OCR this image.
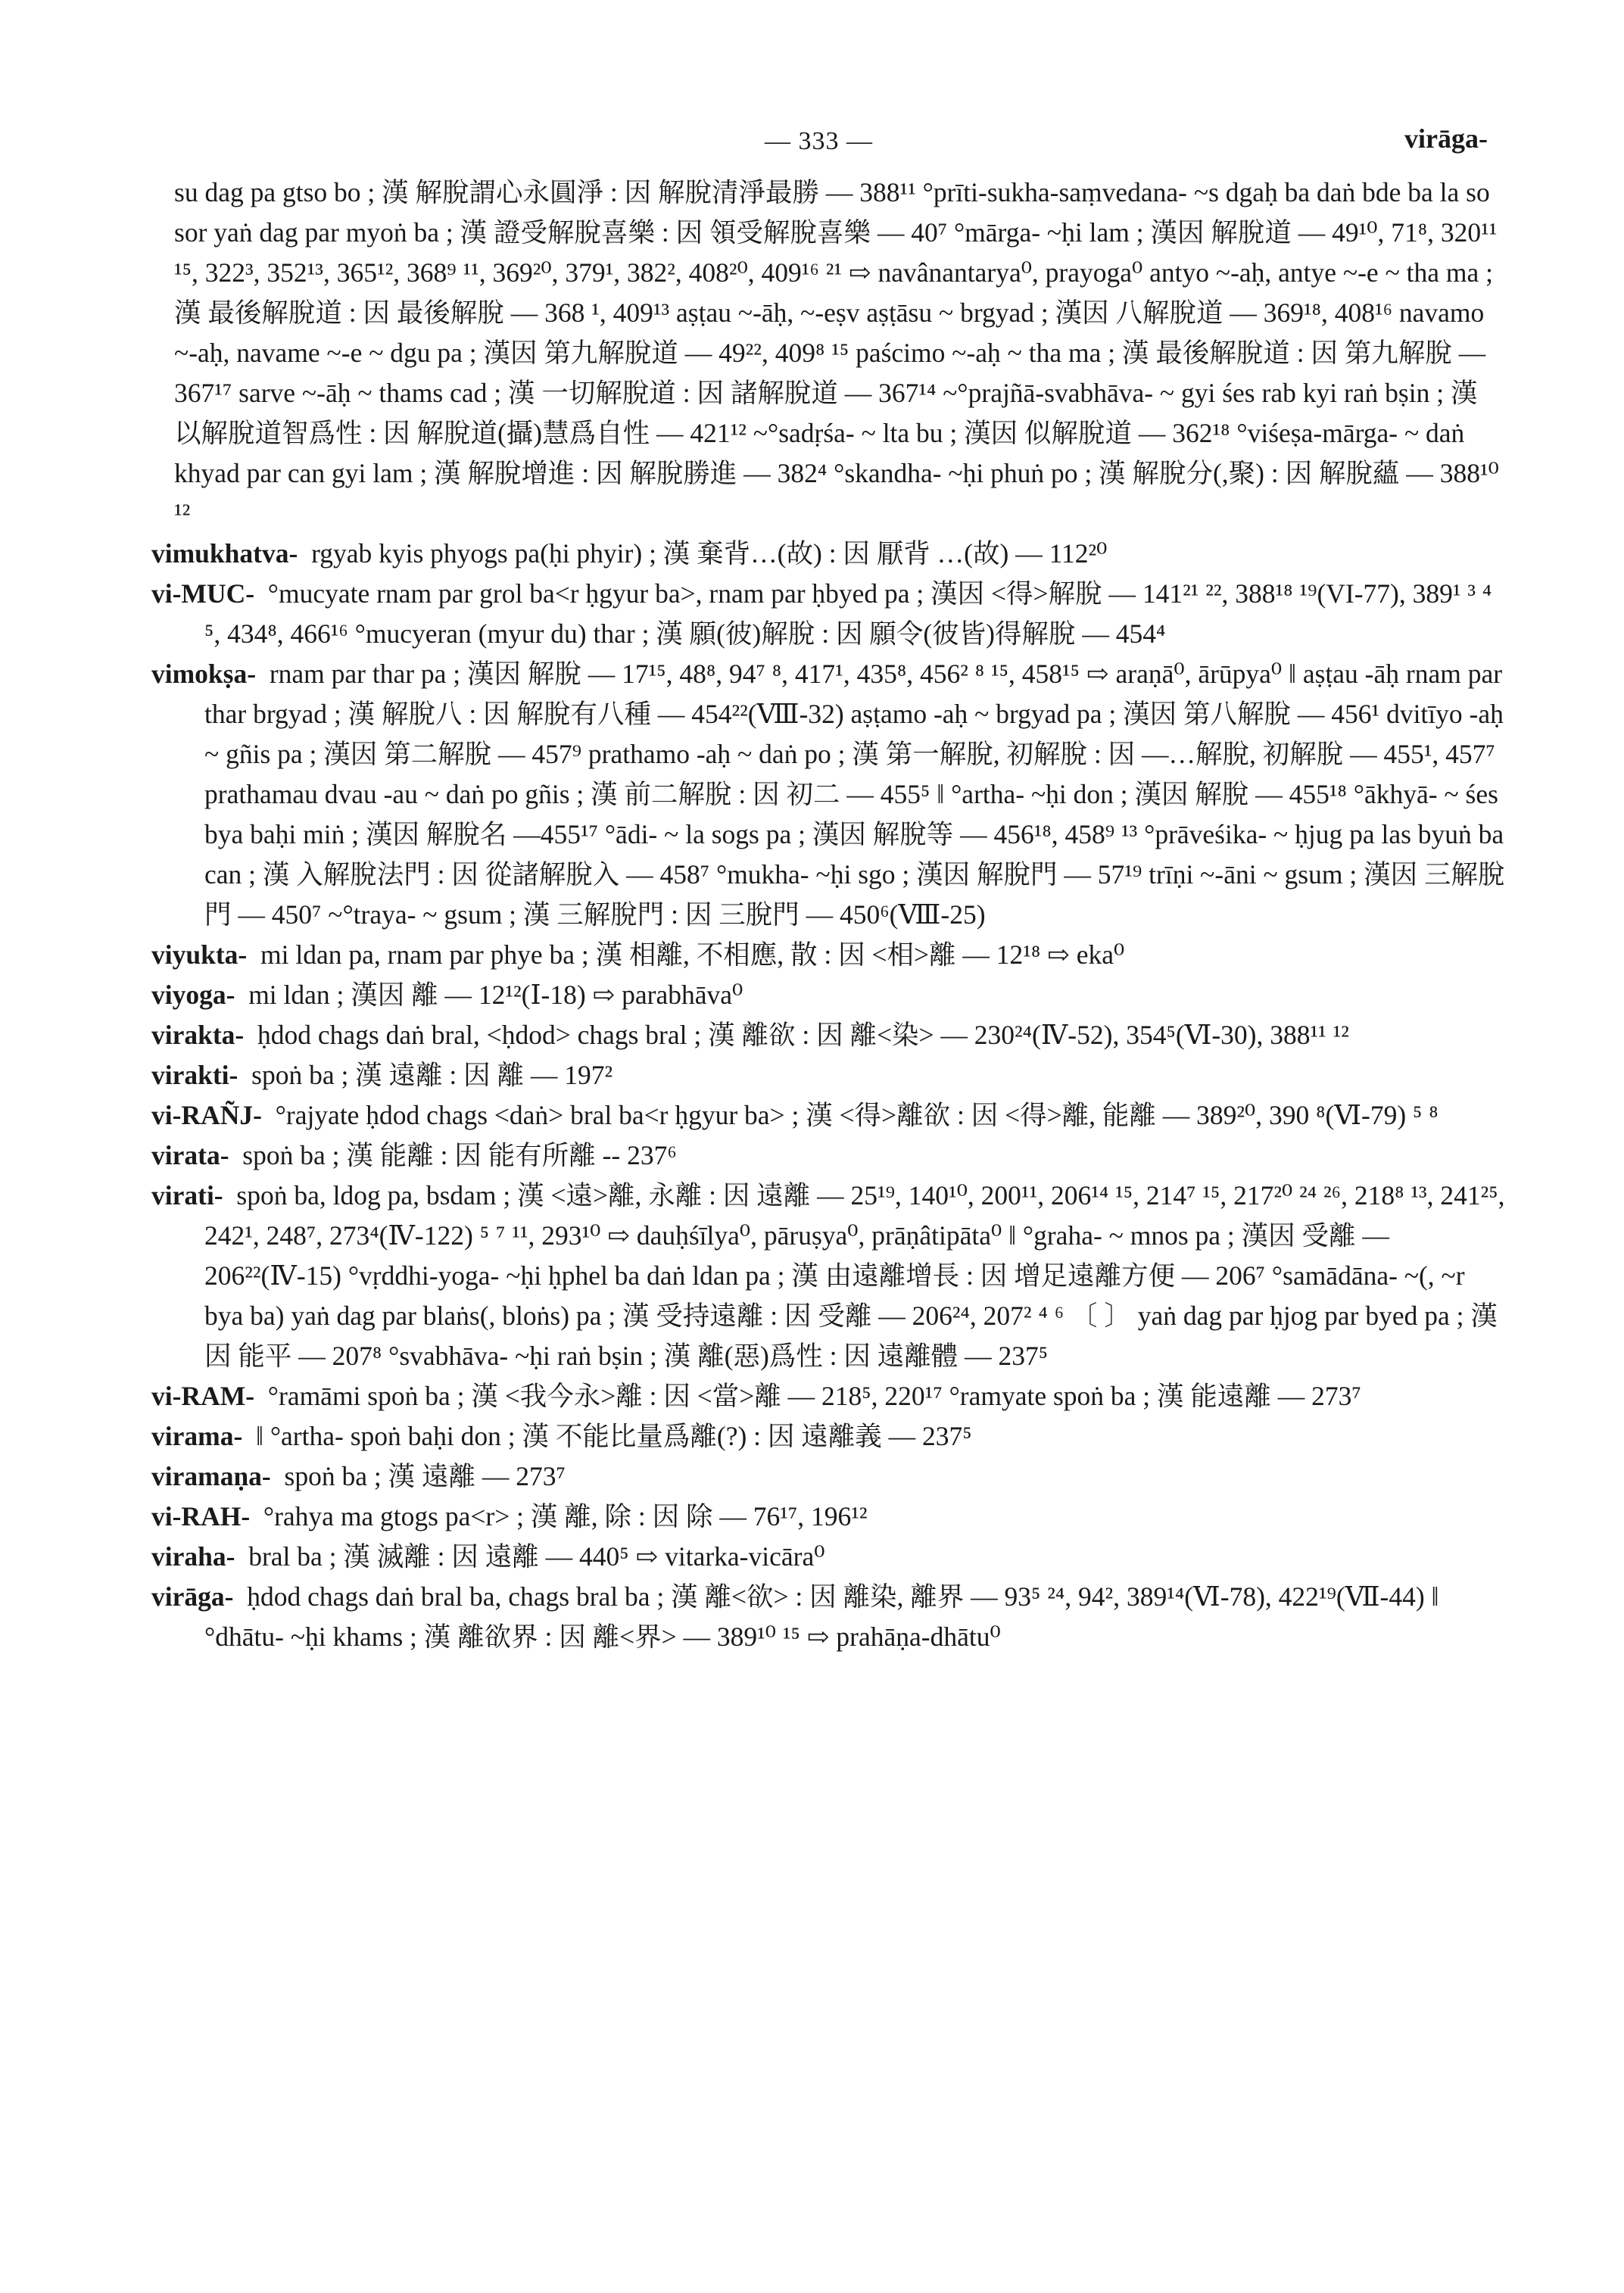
— 333 —	virāga-

su dag pa gtso bo ; 漢 解脫謂心永圓淨 : 因 解脫清淨最勝 — 388¹¹ °prīti-sukha-saṃvedana- ~s dgaḥ ba daṅ bde ba la so sor yaṅ dag par myoṅ ba ; 漢 證受解脫喜樂 : 因 領受解脫喜樂 — 40⁷ °mārga- ~ḥi lam ; 漢因 解脫道 — 49¹⁰, 71⁸, 320¹¹ ¹⁵, 322³, 352¹³, 365¹², 368⁹ ¹¹, 369²⁰, 379¹, 382², 408²⁰, 409¹⁶ ²¹ ⇨ navânantarya⁰, prayoga⁰ antyo ~-aḥ, antye ~-e ~ tha ma ; 漢 最後解脫道 : 因 最後解脫 — 368 ¹, 409¹³ aṣṭau ~-āḥ, ~-eṣv aṣṭāsu ~ brgyad ; 漢因 八解脫道 — 369¹⁸, 408¹⁶ navamo ~-aḥ, navame ~-e ~ dgu pa ; 漢因 第九解脫道 — 49²², 409⁸ ¹⁵ paścimo ~-aḥ ~ tha ma ; 漢 最後解脫道 : 因 第九解脫 — 367¹⁷ sarve ~-āḥ ~ thams cad ; 漢 一切解脫道 : 因 諸解脫道 — 367¹⁴ ~°prajñā-svabhāva- ~ gyi śes rab kyi raṅ bṣin ; 漢 以解脫道智爲性 : 因 解脫道(攝)慧爲自性 — 421¹² ~°sadṛśa- ~ lta bu ; 漢因 似解脫道 — 362¹⁸ °viśeṣa-mārga- ~ daṅ khyad par can gyi lam ; 漢 解脫增進 : 因 解脫勝進 — 382⁴ °skandha- ~ḥi phuṅ po ; 漢 解脫分(,聚) : 因 解脫蘊 — 388¹⁰ ¹²

vimukhatva-  rgyab kyis phyogs pa(ḥi phyir) ; 漢 棄背…(故) : 因 厭背 …(故) — 112²⁰

vi-MUC-  °mucyate rnam par grol ba<r ḥgyur ba>, rnam par ḥbyed pa ; 漢因 <得>解脫 — 141²¹ ²², 388¹⁸ ¹⁹(VI-77), 389¹ ³ ⁴ ⁵, 434⁸, 466¹⁶ °mucyeran (myur du) thar ; 漢 願(彼)解脫 : 因 願令(彼皆)得解脫 — 454⁴

vimokṣa-  rnam par thar pa ; 漢因 解脫 — 17¹⁵, 48⁸, 94⁷ ⁸, 417¹, 435⁸, 456² ⁸ ¹⁵, 458¹⁵ ⇨ araṇā⁰, ārūpya⁰ ‖ aṣṭau -āḥ rnam par thar brgyad ; 漢 解脫八 : 因 解脫有八種 — 454²²(Ⅷ-32) aṣṭamo -aḥ ~ brgyad pa ; 漢因 第八解脫 — 456¹ dvitīyo -aḥ ~ gñis pa ; 漢因 第二解脫 — 457⁹ prathamo -aḥ ~ daṅ po ; 漢 第一解脫, 初解脫 : 因 —…解脫, 初解脫 — 455¹, 457⁷ prathamau dvau -au ~ daṅ po gñis ; 漢 前二解脫 : 因 初二 — 455⁵ ‖ °artha- ~ḥi don ; 漢因 解脫 — 455¹⁸ °ākhyā- ~ śes bya baḥi miṅ ; 漢因 解脫名 —455¹⁷ °ādi- ~ la sogs pa ; 漢因 解脫等 — 456¹⁸, 458⁹ ¹³ °prāveśika- ~ ḥjug pa las byuṅ ba can ; 漢 入解脫法門 : 因 從諸解脫入 — 458⁷ °mukha- ~ḥi sgo ; 漢因 解脫門 — 57¹⁹ trīṇi ~-āni ~ gsum ; 漢因 三解脫門 — 450⁷ ~°traya- ~ gsum ; 漢 三解脫門 : 因 三脫門 — 450⁶(Ⅷ-25)

viyukta-  mi ldan pa, rnam par phye ba ; 漢 相離, 不相應, 散 : 因 <相>離 — 12¹⁸ ⇨ eka⁰

viyoga-  mi ldan ; 漢因 離 — 12¹²(Ⅰ-18) ⇨ parabhāva⁰

virakta-  ḥdod chags daṅ bral, <ḥdod> chags bral ; 漢 離欲 : 因 離<染> — 230²⁴(Ⅳ-52), 354⁵(Ⅵ-30), 388¹¹ ¹²

virakti-  spoṅ ba ; 漢 遠離 : 因 離 — 197²

vi-RAÑJ-  °rajyate ḥdod chags <daṅ> bral ba<r ḥgyur ba> ; 漢 <得>離欲 : 因 <得>離, 能離 — 389²⁰, 390 ⁸(Ⅵ-79) ⁵ ⁸

virata-  spoṅ ba ; 漢 能離 : 因 能有所離 -- 237⁶

virati-  spoṅ ba, ldog pa, bsdam ; 漢 <遠>離, 永離 : 因 遠離 — 25¹⁹, 140¹⁰, 200¹¹, 206¹⁴ ¹⁵, 214⁷ ¹⁵, 217²⁰ ²⁴ ²⁶, 218⁸ ¹³, 241²⁵, 242¹, 248⁷, 273⁴(Ⅳ-122) ⁵ ⁷ ¹¹, 293¹⁰ ⇨ dauḥśīlya⁰, pāruṣya⁰, prāṇâtipāta⁰ ‖ °graha- ~ mnos pa ; 漢因 受離 — 206²²(Ⅳ-15) °vṛddhi-yoga- ~ḥi ḥphel ba daṅ ldan pa ; 漢 由遠離增長 : 因 增足遠離方便 — 206⁷ °samādāna- ~(, ~r bya ba) yaṅ dag par blaṅs(, bloṅs) pa ; 漢 受持遠離 : 因 受離 — 206²⁴, 207² ⁴ ⁶ 〔 〕 yaṅ dag par ḥjog par byed pa ; 漢因 能平 — 207⁸ °svabhāva- ~ḥi raṅ bṣin ; 漢 離(惡)爲性 : 因 遠離體 — 237⁵

vi-RAM-  °ramāmi spoṅ ba ; 漢 <我今永>離 : 因 <當>離 — 218⁵, 220¹⁷ °ramyate spoṅ ba ; 漢 能遠離 — 273⁷

virama-  ‖ °artha- spoṅ baḥi don ; 漢 不能比量爲離(?) : 因 遠離義 — 237⁵

viramaṇa-  spoṅ ba ; 漢 遠離 — 273⁷

vi-RAH-  °rahya ma gtogs pa<r> ; 漢 離, 除 : 因 除 — 76¹⁷, 196¹²

viraha-  bral ba ; 漢 滅離 : 因 遠離 — 440⁵ ⇨ vitarka-vicāra⁰

virāga-  ḥdod chags daṅ bral ba, chags bral ba ; 漢 離<欲> : 因 離染, 離界 — 93⁵ ²⁴, 94², 389¹⁴(Ⅵ-78), 422¹⁹(Ⅶ-44) ‖ °dhātu- ~ḥi khams ; 漢 離欲界 : 因 離<界> — 389¹⁰ ¹⁵ ⇨ prahāṇa-dhātu⁰
